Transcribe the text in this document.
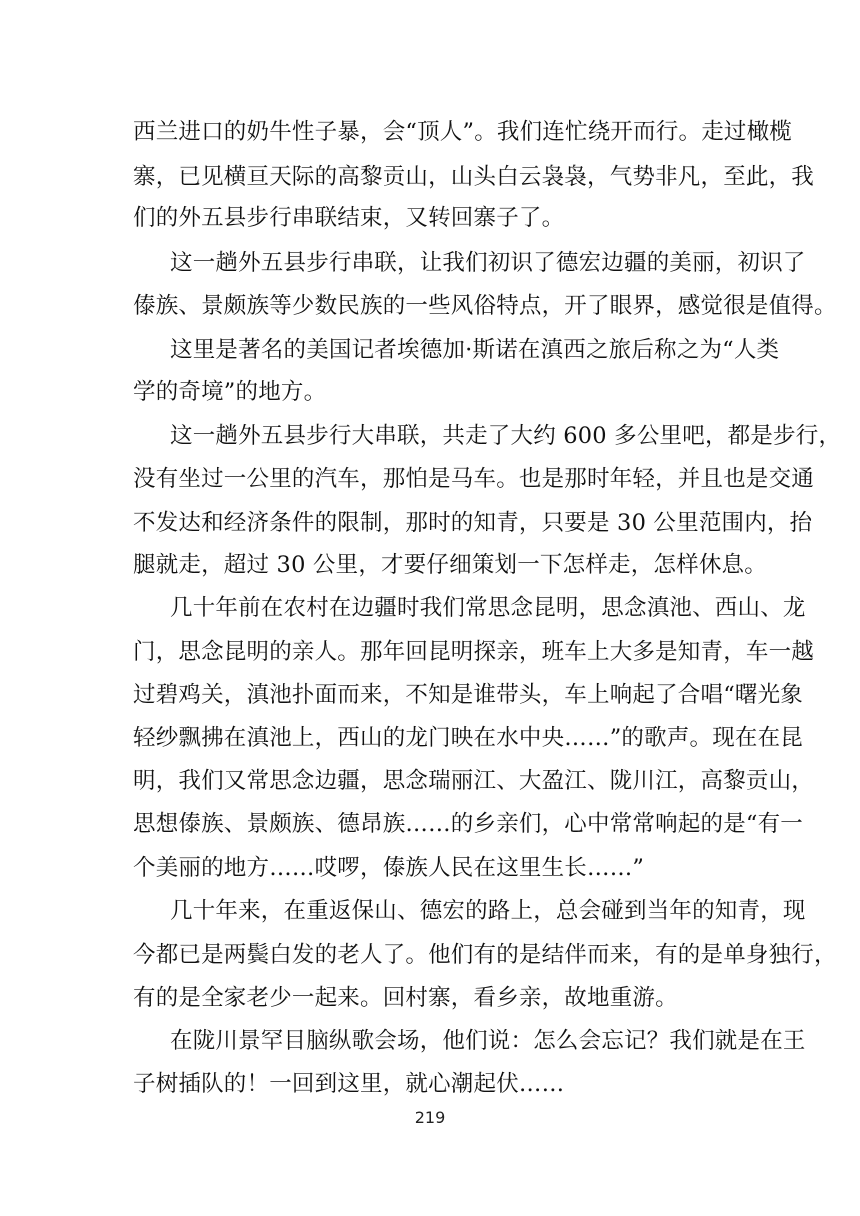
西兰进口的奶牛性子暴，会“顶人”。我们连忙绕开而行。走过橄榄
寨，已见横亘天际的高黎贡山，山头白云袅袅，气势非凡，至此，我
们的外五县步行串联结束，又转回寨子了。
这一趟外五县步行串联，让我们初识了德宏边疆的美丽，初识了
傣族、景颇族等少数民族的一些风俗特点，开了眼界，感觉很是值得。
这里是著名的美国记者埃德加·斯诺在滇西之旅后称之为“人类
学的奇境”的地方。
这一趟外五县步行大串联，共走了大约 600 多公里吧，都是步行，
没有坐过一公里的汽车，那怕是马车。也是那时年轻，并且也是交通
不发达和经济条件的限制，那时的知青，只要是 30 公里范围内，抬
腿就走，超过 30 公里，才要仔细策划一下怎样走，怎样休息。
几十年前在农村在边疆时我们常思念昆明，思念滇池、西山、龙
门，思念昆明的亲人。那年回昆明探亲，班车上大多是知青，车一越
过碧鸡关，滇池扑面而来，不知是谁带头，车上响起了合唱“曙光象
轻纱飘拂在滇池上，西山的龙门映在水中央……”的歌声。现在在昆
明，我们又常思念边疆，思念瑞丽江、大盈江、陇川江，高黎贡山，
思想傣族、景颇族、德昂族……的乡亲们，心中常常响起的是“有一
个美丽的地方……哎啰，傣族人民在这里生长……”
几十年来，在重返保山、德宏的路上，总会碰到当年的知青，现
今都已是两鬓白发的老人了。他们有的是结伴而来，有的是单身独行，
有的是全家老少一起来。回村寨，看乡亲，故地重游。
在陇川景罕目脑纵歌会场，他们说：怎么会忘记？我们就是在王
子树插队的！一回到这里，就心潮起伏……
219
